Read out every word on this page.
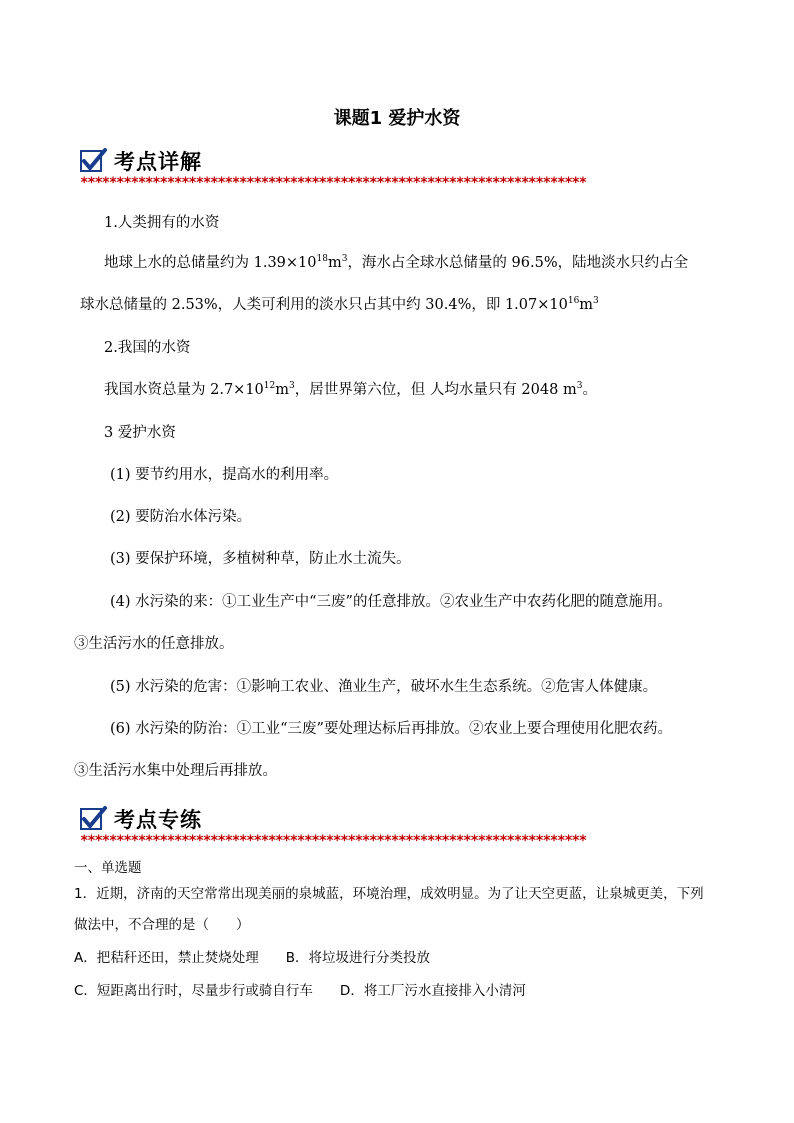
课题1 爱护水资
考点详解
**********************************************************************
1.人类拥有的水资
地球上水的总储量约为 $1.39\times 10^{18}m^3$，海水占全球水总储量的 96.5%，陆地淡水只约占全
球水总储量的 2.53%，人类可利用的淡水只占其中约 30.4%，即 $1.07\times 10^{16}m^3$
2.我国的水资
我国水资总量为 $2.7\times 10^{12}m^3$，居世界第六位，但 人均水量只有 2048 $m^3$。
3 爱护水资
(1) 要节约用水，提高水的利用率。
(2) 要防治水体污染。
(3) 要保护环境，多植树种草，防止水土流失。
(4) 水污染的来：①工业生产中“三废”的任意排放。②农业生产中农药化肥的随意施用。
③生活污水的任意排放。
(5) 水污染的危害：①影响工农业、渔业生产，破坏水生生态系统。②危害人体健康。
(6) 水污染的防治：①工业“三废”要处理达标后再排放。②农业上要合理使用化肥农药。
③生活污水集中处理后再排放。
考点专练
**********************************************************************
一、单选题
1．近期，济南的天空常常出现美丽的泉城蓝，环境治理，成效明显。为了让天空更蓝，让泉城更美，下列
做法中，不合理的是（　　）
A．把秸秆还田，禁止焚烧处理　　B．将垃圾进行分类投放
C．短距离出行时，尽量步行或骑自行车　　D．将工厂污水直接排入小清河
